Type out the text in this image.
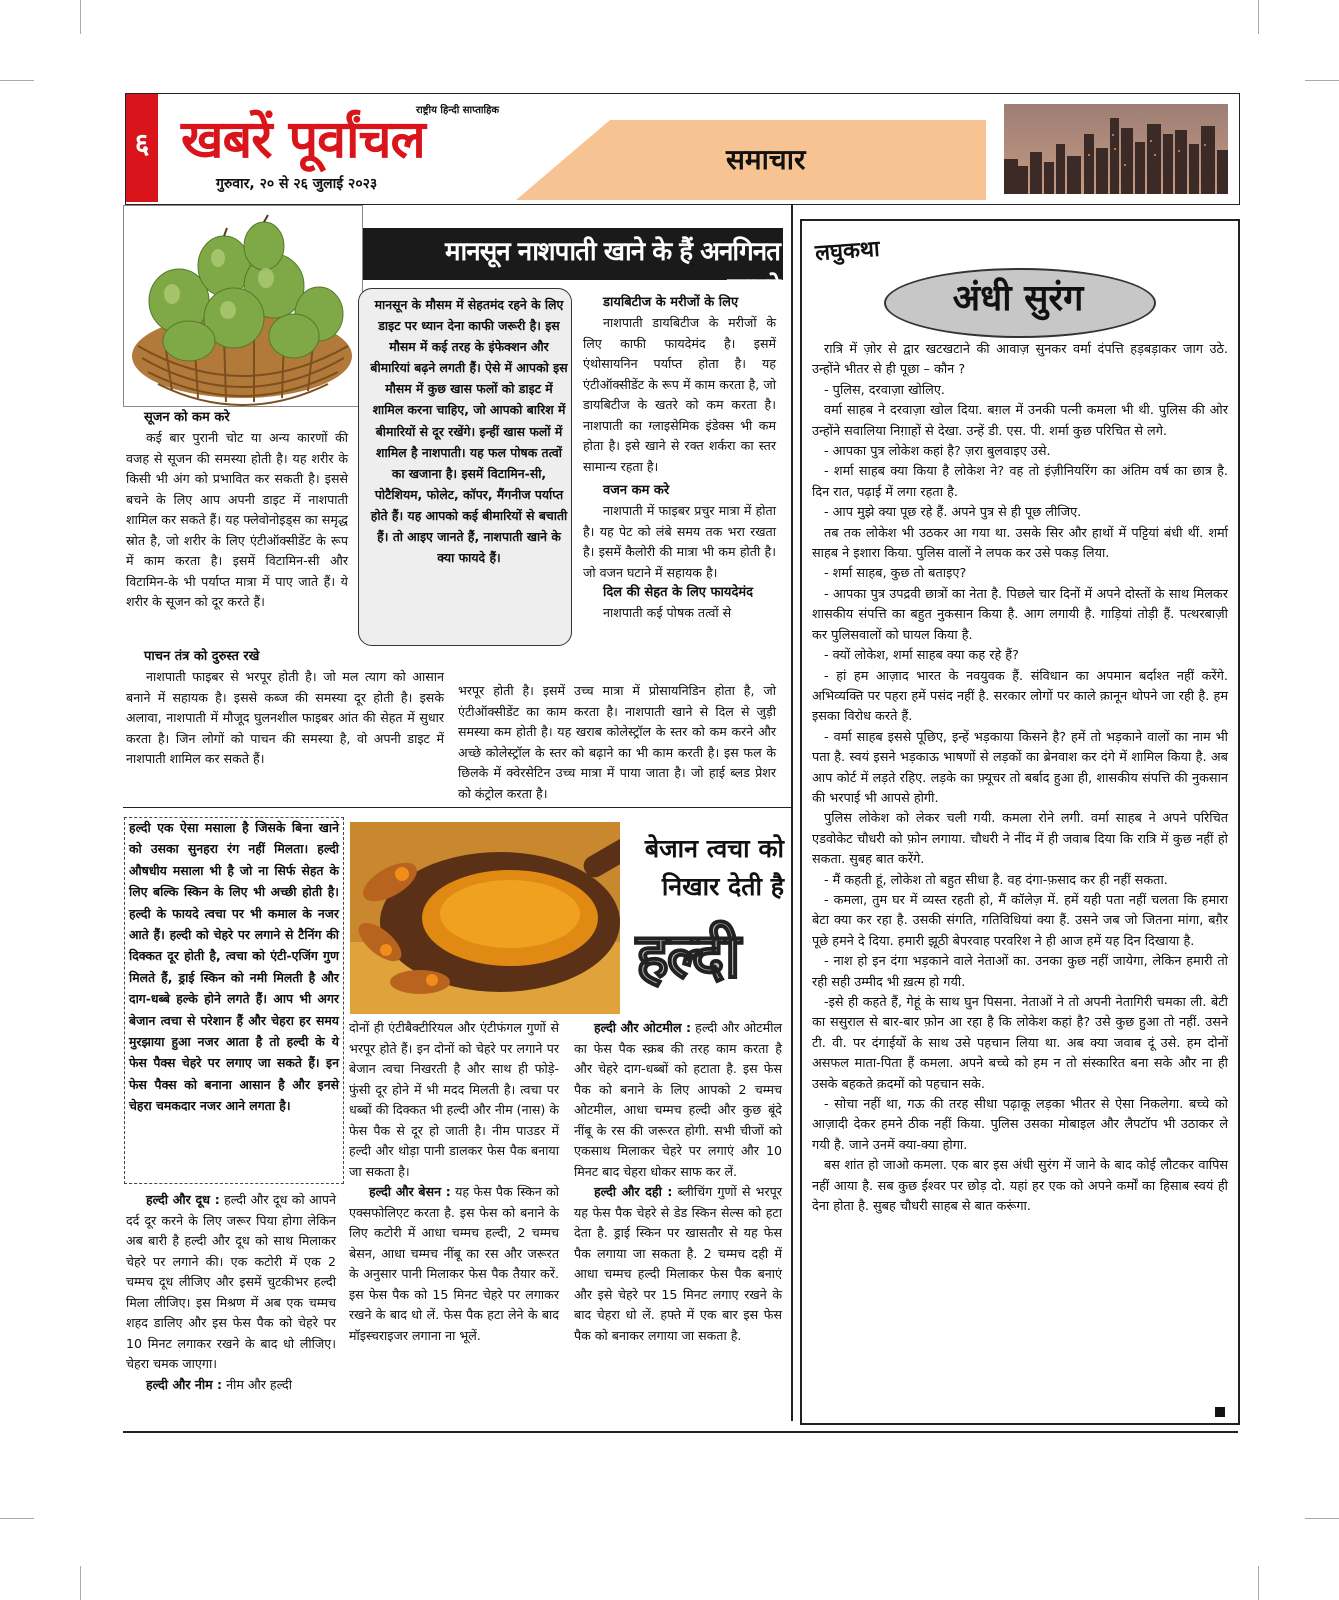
६ खबरें पूर्वांचल
राष्ट्रीय हिन्दी साप्ताहिक
गुरुवार, २० से २६ जुलाई २०२३
समाचार
मानसून नाशपाती खाने के हैं अनगिनत फायदे
मानसून के मौसम में सेहतमंद रहने के लिए डाइट पर ध्यान देना काफी जरूरी है। इस मौसम में कई तरह के इंफेक्शन और बीमारियां बढ़ने लगती हैं। ऐसे में आपको इस मौसम में कुछ खास फलों को डाइट में शामिल करना चाहिए, जो आपको बारिश में बीमारियों से दूर रखेंगे। इन्हीं खास फलों में शामिल है नाशपाती। यह फल पोषक तत्वों का खजाना है। इसमें विटामिन-सी, पोटैशियम, फोलेट, कॉपर, मैंगनीज पर्याप्त होते हैं। यह आपको कई बीमारियों से बचाती हैं। तो आइए जानते हैं, नाशपाती खाने के क्या फायदे हैं।
सूजन को कम करे

कई बार पुरानी चोट या अन्य कारणों की वजह से सूजन की समस्या होती है। यह शरीर के किसी भी अंग को प्रभावित कर सकती है। इससे बचने के लिए आप अपनी डाइट में नाशपाती शामिल कर सकते हैं। यह फ्लेवोनोइड्स का समृद्ध स्रोत है, जो शरीर के लिए एंटीऑक्सीडेंट के रूप में काम करता है। इसमें विटामिन-सी और विटामिन-के भी पर्याप्त मात्रा में पाए जाते हैं। ये शरीर के सूजन को दूर करते हैं।

पाचन तंत्र को दुरुस्त रखे

नाशपाती फाइबर से भरपूर होती है। जो मल त्याग को आसान बनाने में सहायक है। इससे कब्ज की समस्या दूर होती है। इसके अलावा, नाशपाती में मौजूद घुलनशील फाइबर आंत की सेहत में सुधार करता है। जिन लोगों को पाचन की समस्या है, वो अपनी डाइट में नाशपाती शामिल कर सकते हैं।

डायबिटीज के मरीजों के लिए

नाशपाती डायबिटीज के मरीजों के लिए काफी फायदेमंद है। इसमें एंथोसायनिन पर्याप्त होता है। यह एंटीऑक्सीडेंट के रूप में काम करता है, जो डायबिटीज के खतरे को कम करता है। नाशपाती का ग्लाइसेमिक इंडेक्स भी कम होता है। इसे खाने से रक्त शर्करा का स्तर सामान्य रहता है।

वजन कम करे

नाशपाती में फाइबर प्रचुर मात्रा में होता है। यह पेट को लंबे समय तक भरा रखता है। इसमें कैलोरी की मात्रा भी कम होती है। जो वजन घटाने में सहायक है।

दिल की सेहत के लिए फायदेमंद

नाशपाती कई पोषक तत्वों से

भरपूर होती है। इसमें उच्च मात्रा में प्रोसायनिडिन होता है, जो एंटीऑक्सीडेंट का काम करता है। नाशपाती खाने से दिल से जुड़ी समस्या कम होती है। यह खराब कोलेस्ट्रॉल के स्तर को कम करने और अच्छे कोलेस्ट्रॉल के स्तर को बढ़ाने का भी काम करती है। इस फल के छिलके में क्वेरसेटिन उच्च मात्रा में पाया जाता है। जो हाई ब्लड प्रेशर को कंट्रोल करता है।

हल्दी एक ऐसा मसाला है जिसके बिना खाने को उसका सुनहरा रंग नहीं मिलता। हल्दी औषधीय मसाला भी है जो ना सिर्फ सेहत के लिए बल्कि स्किन के लिए भी अच्छी होती है। हल्दी के फायदे त्वचा पर भी कमाल के नजर आते हैं। हल्दी को चेहरे पर लगाने से टैनिंग की दिक्कत दूर होती है, त्वचा को एंटी-एजिंग गुण मिलते हैं, ड्राई स्किन को नमी मिलती है और दाग-धब्बे हल्के होने लगते हैं। आप भी अगर बेजान त्वचा से परेशान हैं और चेहरा हर समय मुरझाया हुआ नजर आता है तो हल्दी के ये फेस पैक्स चेहरे पर लगाए जा सकते हैं। इन फेस पैक्स को बनाना आसान है और इनसे चेहरा चमकदार नजर आने लगता है।
बेजान त्वचा को
निखार देती है
हल्दी

हल्दी और दूध : हल्दी और दूध को आपने दर्द दूर करने के लिए जरूर पिया होगा लेकिन अब बारी है हल्दी और दूध को साथ मिलाकर चेहरे पर लगाने की। एक कटोरी में एक 2 चम्मच दूध लीजिए और इसमें चुटकीभर हल्दी मिला लीजिए। इस मिश्रण में अब एक चम्मच शहद डालिए और इस फेस पैक को चेहरे पर 10 मिनट लगाकर रखने के बाद धो लीजिए। चेहरा चमक जाएगा।

हल्दी और नीम : नीम और हल्दी

दोनों ही एंटीबैक्टीरियल और एंटीफंगल गुणों से भरपूर होते हैं। इन दोनों को चेहरे पर लगाने पर बेजान त्वचा निखरती है और साथ ही फोड़े-फुंसी दूर होने में भी मदद मिलती है। त्वचा पर धब्बों की दिक्कत भी हल्दी और नीम (नास) के फेस पैक से दूर हो जाती है। नीम पाउडर में हल्दी और थोड़ा पानी डालकर फेस पैक बनाया जा सकता है।

हल्दी और बेसन : यह फेस पैक स्किन को एक्सफोलिएट करता है. इस फेस को बनाने के लिए कटोरी में आधा चम्मच हल्दी, 2 चम्मच बेसन, आधा चम्मच नींबू का रस और जरूरत के अनुसार पानी मिलाकर फेस पैक तैयार करें. इस फेस पैक को 15 मिनट चेहरे पर लगाकर रखने के बाद धो लें. फेस पैक हटा लेने के बाद मॉइस्चराइजर लगाना ना भूलें.

हल्दी और ओटमील : हल्दी और ओटमील का फेस पैक स्क्रब की तरह काम करता है और चेहरे दाग-धब्बों को हटाता है. इस फेस पैक को बनाने के लिए आपको 2 चम्मच ओटमील, आधा चम्मच हल्दी और कुछ बूंदे नींबू के रस की जरूरत होगी. सभी चीजों को एकसाथ मिलाकर चेहरे पर लगाएं और 10 मिनट बाद चेहरा धोकर साफ कर लें.

हल्दी और दही : ब्लीचिंग गुणों से भरपूर यह फेस पैक चेहरे से डेड स्किन सेल्स को हटा देता है. ड्राई स्किन पर खासतौर से यह फेस पैक लगाया जा सकता है. 2 चम्मच दही में आधा चम्मच हल्दी मिलाकर फेस पैक बनाएं और इसे चेहरे पर 15 मिनट लगाए रखने के बाद चेहरा धो लें. हफ्ते में एक बार इस फेस पैक को बनाकर लगाया जा सकता है.

लघुकथा
अंधी सुरंग

रात्रि में ज़ोर से द्वार खटखटाने की आवाज़ सुनकर वर्मा दंपत्ति हड़बड़ाकर जाग उठे. उन्होंने भीतर से ही पूछा – कौन ?

- पुलिस, दरवाज़ा खोलिए.

वर्मा साहब ने दरवाज़ा खोल दिया. बग़ल में उनकी पत्नी कमला भी थी. पुलिस की ओर उन्होंने सवालिया निग़ाहों से देखा. उन्हें डी. एस. पी. शर्मा कुछ परिचित से लगे.

- आपका पुत्र लोकेश कहां है? ज़रा बुलवाइए उसे.

- शर्मा साहब क्या किया है लोकेश ने? वह तो इंज़ीनियरिंग का अंतिम वर्ष का छात्र है. दिन रात, पढ़ाई में लगा रहता है.

- आप मुझे क्या पूछ रहे हैं. अपने पुत्र से ही पूछ लीजिए.

तब तक लोकेश भी उठकर आ गया था. उसके सिर और हाथों में पट्टियां बंधी थीं. शर्मा साहब ने इशारा किया. पुलिस वालों ने लपक कर उसे पकड़ लिया.

- शर्मा साहब, कुछ तो बताइए?

- आपका पुत्र उपद्रवी छात्रों का नेता है. पिछले चार दिनों में अपने दोस्तों के साथ मिलकर शासकीय संपत्ति का बहुत नुकसान किया है. आग लगायी है. गाड़ियां तोड़ी हैं. पत्थरबाज़ी कर पुलिसवालों को घायल किया है.

- क्यों लोकेश, शर्मा साहब क्या कह रहे हैं?

- हां हम आज़ाद भारत के नवयुवक हैं. संविधान का अपमान बर्दाश्त नहीं करेंगे. अभिव्यक्ति पर पहरा हमें पसंद नहीं है. सरकार लोगों पर काले क़ानून थोपने जा रही है. हम इसका विरोध करते हैं.

- वर्मा साहब इससे पूछिए, इन्हें भड़काया किसने है? हमें तो भड़काने वालों का नाम भी पता है. स्वयं इसने भड़काऊ भाषणों से लड़कों का ब्रेनवाश कर दंगे में शामिल किया है. अब आप कोर्ट में लड़ते रहिए. लड़के का फ़्यूचर तो बर्बाद हुआ ही, शासकीय संपत्ति की नुकसान की भरपाई भी आपसे होगी.

पुलिस लोकेश को लेकर चली गयी. कमला रोने लगी. वर्मा साहब ने अपने परिचित एडवोकेट चौधरी को फ़ोन लगाया. चौधरी ने नींद में ही जवाब दिया कि रात्रि में कुछ नहीं हो सकता. सुबह बात करेंगे.

- मैं कहती हूं, लोकेश तो बहुत सीधा है. वह दंगा-फ़साद कर ही नहीं सकता.

- कमला, तुम घर में व्यस्त रहती हो, मैं कॉलेज़ में. हमें यही पता नहीं चलता कि हमारा बेटा क्या कर रहा है. उसकी संगति, गतिविधियां क्या हैं. उसने जब जो जितना मांगा, बग़ैर पूछे हमने दे दिया. हमारी झूठी बेपरवाह परवरिश ने ही आज हमें यह दिन दिखाया है.

- नाश हो इन दंगा भड़काने वाले नेताओं का. उनका कुछ नहीं जायेगा, लेकिन हमारी तो रही सही उम्मीद भी ख़त्म हो गयी.

-इसे ही कहते हैं, गेहूं के साथ घुन पिसना. नेताओं ने तो अपनी नेतागिरी चमका ली. बेटी का ससुराल से बार-बार फ़ोन आ रहा है कि लोकेश कहां है? उसे कुछ हुआ तो नहीं. उसने टी. वी. पर दंगाईयों के साथ उसे पहचान लिया था. अब क्या जवाब दूं उसे. हम दोनों असफल माता-पिता हैं कमला. अपने बच्चे को हम न तो संस्कारित बना सके और ना ही उसके बहकते क़दमों को पहचान सके.

- सोचा नहीं था, गऊ की तरह सीधा पढ़ाकू लड़का भीतर से ऐसा निकलेगा. बच्चे को आज़ादी देकर हमने ठीक नहीं किया. पुलिस उसका मोबाइल और लैपटॉप भी उठाकर ले गयी है. जाने उनमें क्या-क्या होगा.

बस शांत हो जाओ कमला. एक बार इस अंधी सुरंग में जाने के बाद कोई लौटकर वापिस नहीं आया है. सब कुछ ईश्वर पर छोड़ दो. यहां हर एक को अपने कर्मों का हिसाब स्वयं ही देना होता है. सुबह चौधरी साहब से बात करूंगा.
